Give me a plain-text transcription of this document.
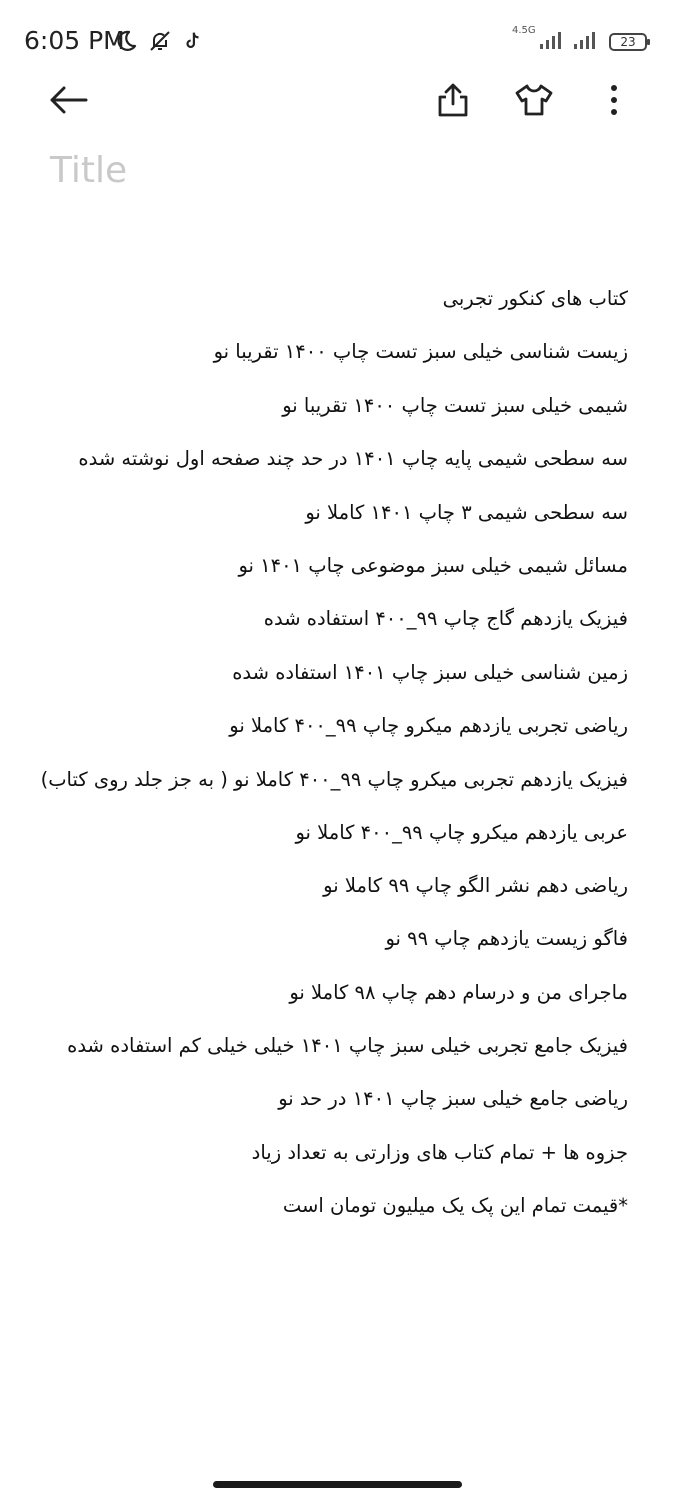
6:05 PM	4.5G
23
Title

کتاب های کنکور تجربی

زیست شناسی خیلی سبز تست چاپ ۱۴۰۰ تقریبا نو

شیمی خیلی سبز تست چاپ ۱۴۰۰ تقریبا نو

سه سطحی شیمی پایه چاپ ۱۴۰۱ در حد چند صفحه اول نوشته شده

سه سطحی شیمی ۳ چاپ ۱۴۰۱ کاملا نو

مسائل شیمی خیلی سبز موضوعی چاپ ۱۴۰۱ نو

فیزیک یازدهم گاج چاپ ۹۹_۴۰۰ استفاده شده

زمین شناسی خیلی سبز چاپ ۱۴۰۱ استفاده شده

ریاضی تجربی یازدهم میکرو چاپ ۹۹_۴۰۰ کاملا نو

فیزیک یازدهم تجربی میکرو چاپ ۹۹_۴۰۰ کاملا نو ( به جز جلد روی کتاب)

عربی یازدهم میکرو چاپ ۹۹_۴۰۰ کاملا نو

ریاضی دهم نشر الگو چاپ ۹۹ کاملا نو

فاگو زیست یازدهم چاپ ۹۹ نو

ماجرای من و درسام دهم چاپ ۹۸ کاملا نو

فیزیک جامع تجربی خیلی سبز چاپ ۱۴۰۱ خیلی خیلی کم استفاده شده

ریاضی جامع خیلی سبز چاپ ۱۴۰۱ در حد نو

جزوه ها + تمام کتاب های وزارتی به تعداد زیاد

*قیمت تمام این پک یک میلیون تومان است
